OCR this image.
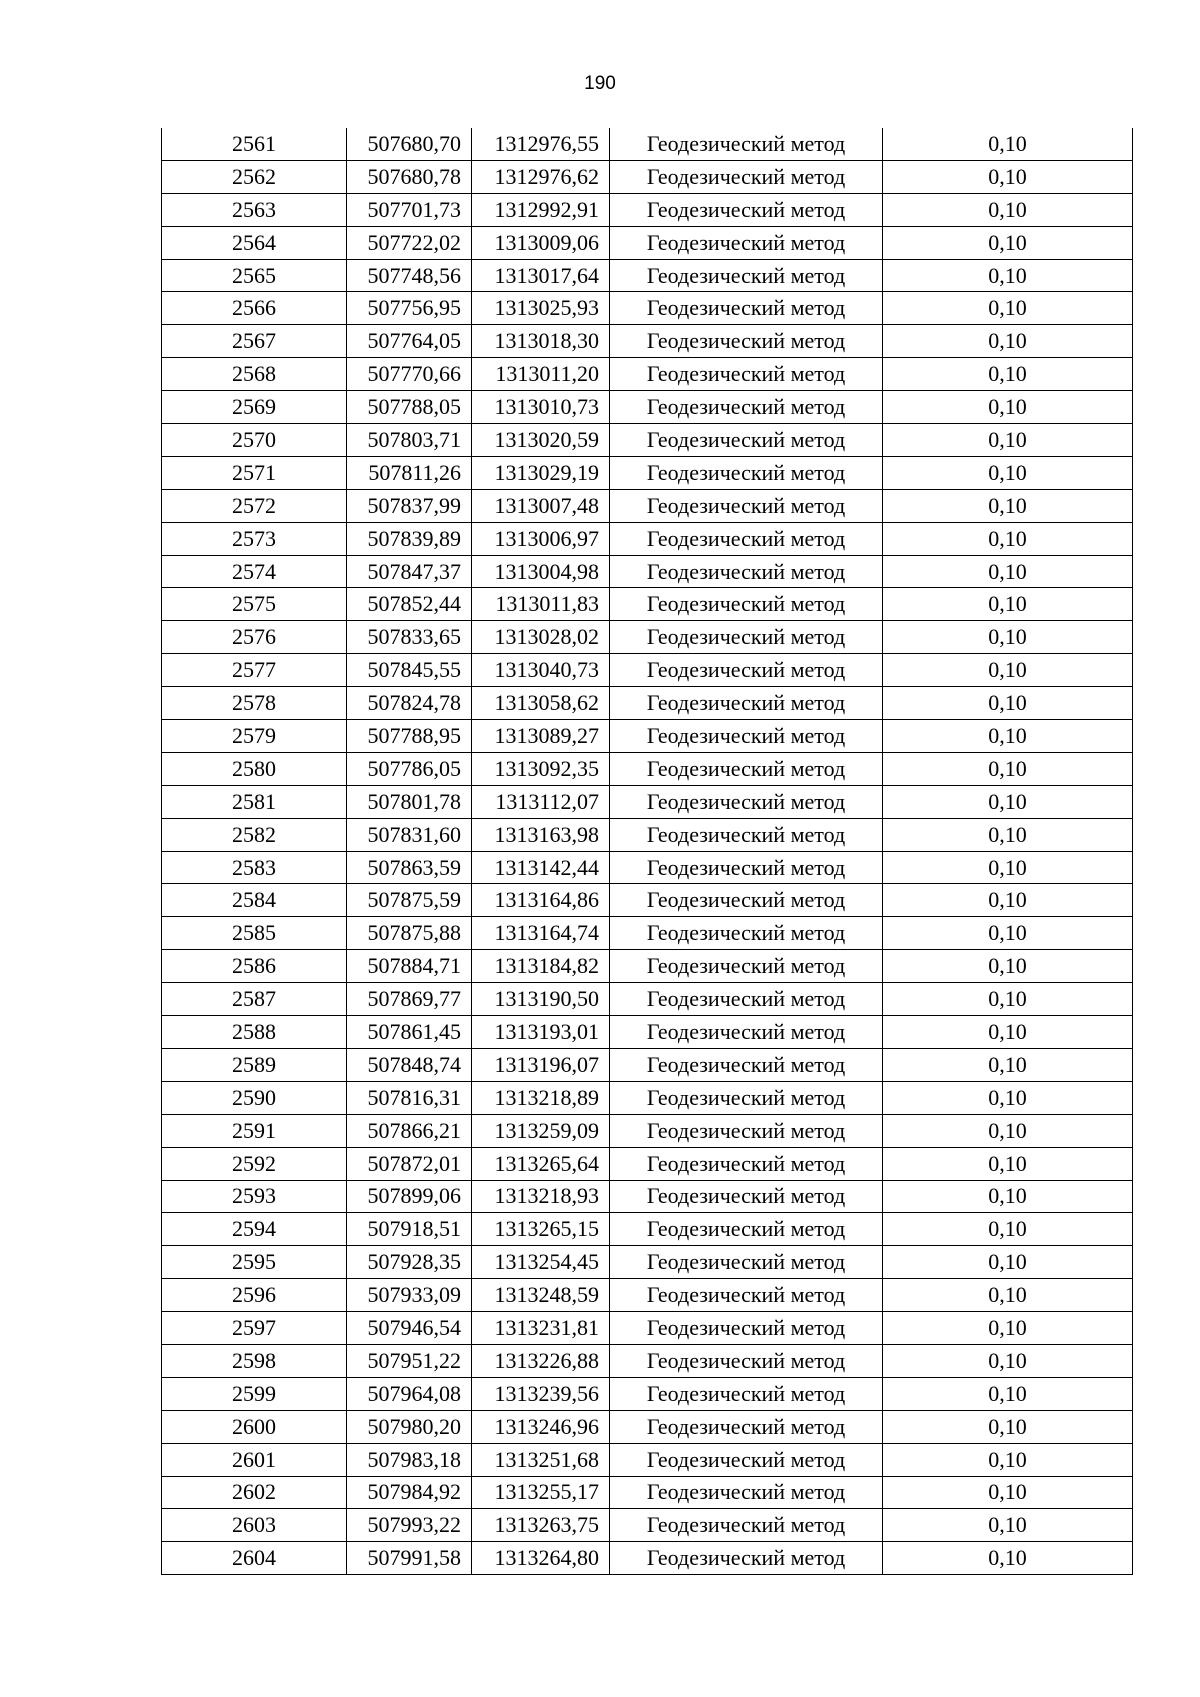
190
2561	507680,70	1312976,55	Геодезический метод	0,10
2562	507680,78	1312976,62	Геодезический метод	0,10
2563	507701,73	1312992,91	Геодезический метод	0,10
2564	507722,02	1313009,06	Геодезический метод	0,10
2565	507748,56	1313017,64	Геодезический метод	0,10
2566	507756,95	1313025,93	Геодезический метод	0,10
2567	507764,05	1313018,30	Геодезический метод	0,10
2568	507770,66	1313011,20	Геодезический метод	0,10
2569	507788,05	1313010,73	Геодезический метод	0,10
2570	507803,71	1313020,59	Геодезический метод	0,10
2571	507811,26	1313029,19	Геодезический метод	0,10
2572	507837,99	1313007,48	Геодезический метод	0,10
2573	507839,89	1313006,97	Геодезический метод	0,10
2574	507847,37	1313004,98	Геодезический метод	0,10
2575	507852,44	1313011,83	Геодезический метод	0,10
2576	507833,65	1313028,02	Геодезический метод	0,10
2577	507845,55	1313040,73	Геодезический метод	0,10
2578	507824,78	1313058,62	Геодезический метод	0,10
2579	507788,95	1313089,27	Геодезический метод	0,10
2580	507786,05	1313092,35	Геодезический метод	0,10
2581	507801,78	1313112,07	Геодезический метод	0,10
2582	507831,60	1313163,98	Геодезический метод	0,10
2583	507863,59	1313142,44	Геодезический метод	0,10
2584	507875,59	1313164,86	Геодезический метод	0,10
2585	507875,88	1313164,74	Геодезический метод	0,10
2586	507884,71	1313184,82	Геодезический метод	0,10
2587	507869,77	1313190,50	Геодезический метод	0,10
2588	507861,45	1313193,01	Геодезический метод	0,10
2589	507848,74	1313196,07	Геодезический метод	0,10
2590	507816,31	1313218,89	Геодезический метод	0,10
2591	507866,21	1313259,09	Геодезический метод	0,10
2592	507872,01	1313265,64	Геодезический метод	0,10
2593	507899,06	1313218,93	Геодезический метод	0,10
2594	507918,51	1313265,15	Геодезический метод	0,10
2595	507928,35	1313254,45	Геодезический метод	0,10
2596	507933,09	1313248,59	Геодезический метод	0,10
2597	507946,54	1313231,81	Геодезический метод	0,10
2598	507951,22	1313226,88	Геодезический метод	0,10
2599	507964,08	1313239,56	Геодезический метод	0,10
2600	507980,20	1313246,96	Геодезический метод	0,10
2601	507983,18	1313251,68	Геодезический метод	0,10
2602	507984,92	1313255,17	Геодезический метод	0,10
2603	507993,22	1313263,75	Геодезический метод	0,10
2604	507991,58	1313264,80	Геодезический метод	0,10
